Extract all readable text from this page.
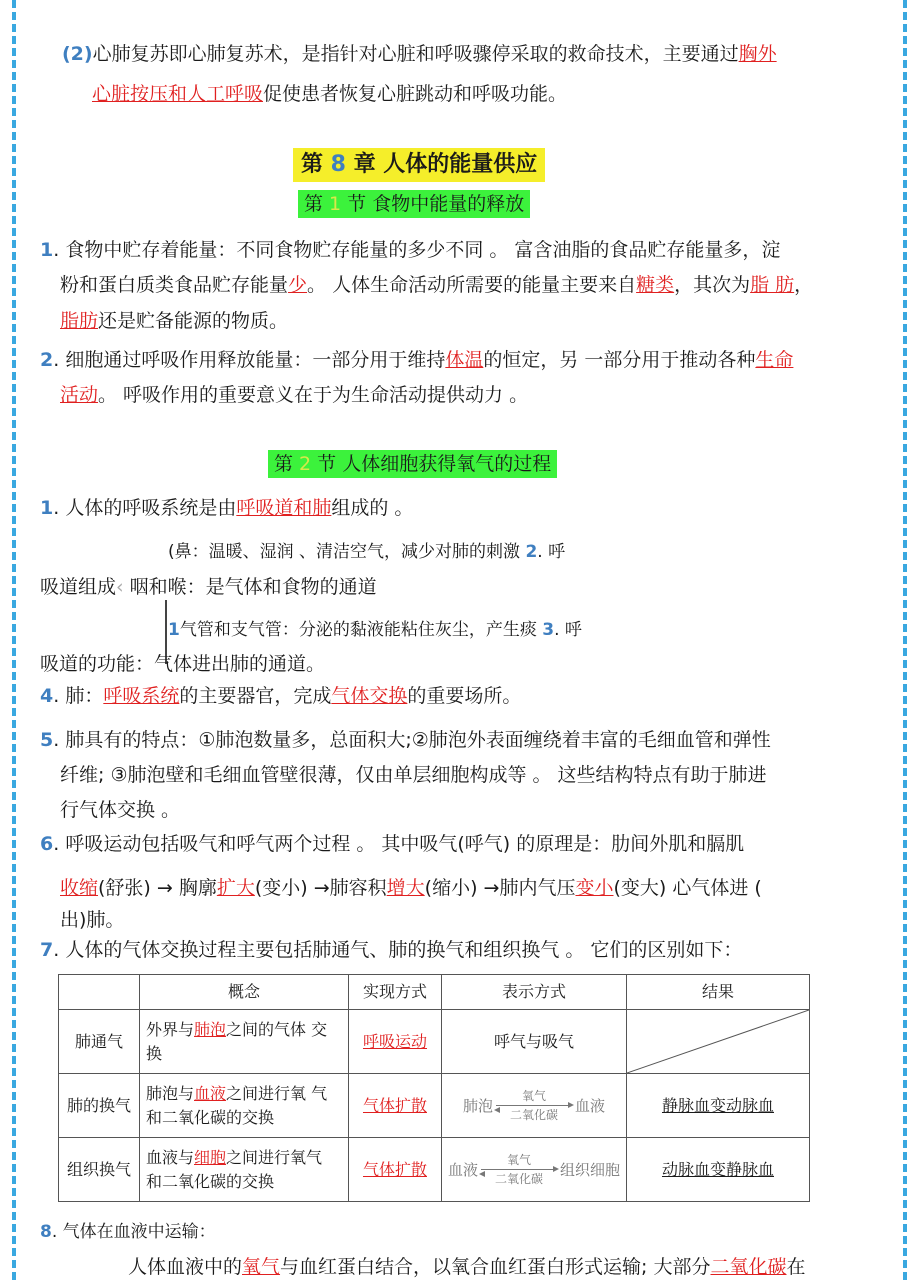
(2)心肺复苏即心肺复苏术，是指针对心脏和呼吸骤停采取的救命技术，主要通过胸外
心脏按压和人工呼吸促使患者恢复心脏跳动和呼吸功能。
第 8 章 人体的能量供应
第 1 节 食物中能量的释放
1. 食物中贮存着能量：不同食物贮存能量的多少不同 。 富含油脂的食品贮存能量多，淀
粉和蛋白质类食品贮存能量少。 人体生命活动所需要的能量主要来自糖类，其次为脂 肪，
脂肪还是贮备能源的物质。
2. 细胞通过呼吸作用释放能量：一部分用于维持体温的恒定，另 一部分用于推动各种生命
活动。 呼吸作用的重要意义在于为生命活动提供动力 。
第 2 节 人体细胞获得氧气的过程
1. 人体的呼吸系统是由呼吸道和肺组成的 。
(鼻：温暖、湿润 、清洁空气，减少对肺的刺激 2. 呼
吸道组成‹ 咽和喉：是气体和食物的通道
1气管和支气管：分泌的黏液能粘住灰尘，产生痰 3. 呼
吸道的功能：气体进出肺的通道。
4. 肺：呼吸系统的主要器官，完成气体交换的重要场所。
5. 肺具有的特点：①肺泡数量多，总面积大;②肺泡外表面缠绕着丰富的毛细血管和弹性
纤维; ③肺泡壁和毛细血管壁很薄，仅由单层细胞构成等 。 这些结构特点有助于肺进
行气体交换 。
6. 呼吸运动包括吸气和呼气两个过程 。 其中吸气(呼气) 的原理是：肋间外肌和膈肌
收缩(舒张) → 胸廓扩大(变小) →肺容积增大(缩小) →肺内气压变小(变大) 心气体进 (
出)肺。
7. 人体的气体交换过程主要包括肺通气、肺的换气和组织换气 。 它们的区别如下：
	概念	实现方式	表示方式	结果
肺通气	外界与肺泡之间的气体 交换	呼吸运动	呼气与吸气	

肺的换气	肺泡与血液之间进行氧 气和二氧化碳的交换	气体扩散	肺泡
氧气
二氧化碳
血液	静脉血变动脉血
组织换气	血液与细胞之间进行氧气 和二氧化碳的交换	气体扩散	血液
氧气
二氧化碳
组织细胞	动脉血变静脉血
8. 气体在血液中运输：
人体血液中的氧气与血红蛋白结合，以氧合血红蛋白形式运输; 大部分二氧化碳在
